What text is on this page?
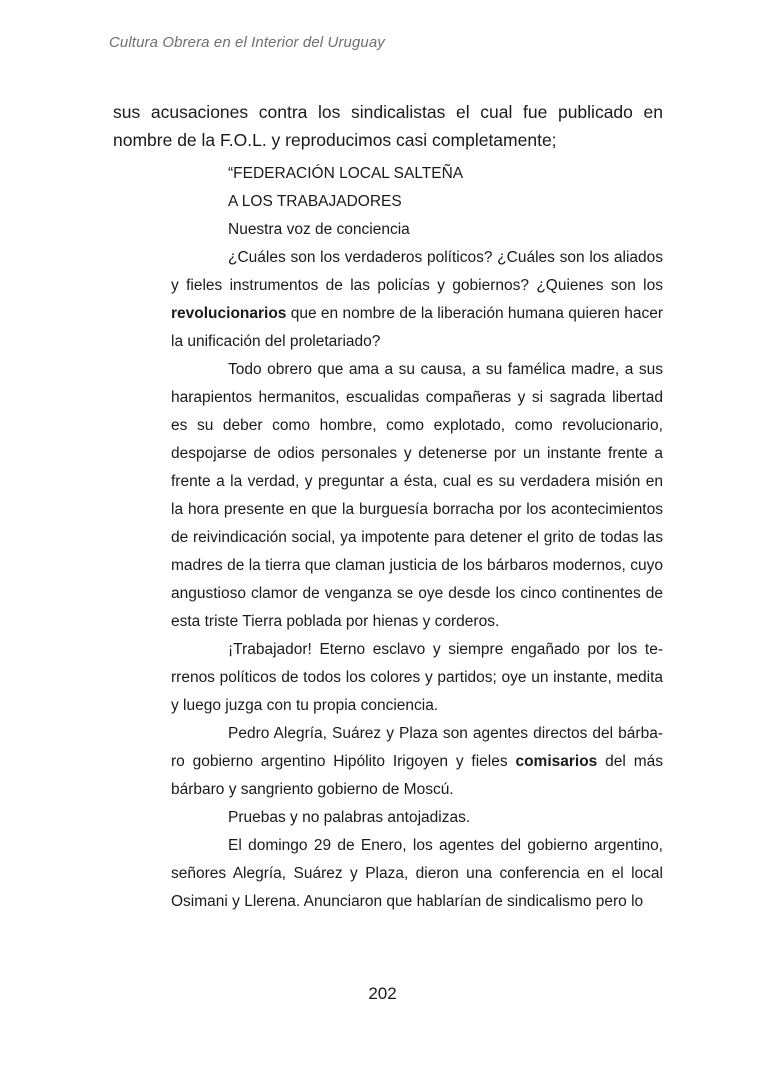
Cultura Obrera en el Interior del Uruguay

sus acusaciones contra los sindicalistas el cual fue publicado en nombre de la F.O.L. y reproducimos casi completamente;

“FEDERACIÓN LOCAL SALTEÑA

A LOS TRABAJADORES

Nuestra voz de conciencia

¿Cuáles son los verdaderos políticos? ¿Cuáles son los aliados y fieles instrumentos de las policías y gobiernos? ¿Quienes son los revolucionarios que en nombre de la liberación humana quieren hacer la unificación del proletariado?

Todo obrero que ama a su causa, a su famélica madre, a sus harapientos hermanitos, escualidas compañeras y si sagrada libertad es su deber como hombre, como explotado, como revolucionario, despojarse de odios personales y detenerse por un instante frente a frente a la verdad, y preguntar a ésta, cual es su verdadera misión en la hora presente en que la burguesía borracha por los acontecimientos de reivindicación social, ya impotente para detener el grito de todas las madres de la tierra que claman justicia de los bárbaros modernos, cuyo angustioso clamor de venganza se oye desde los cinco continentes de esta triste Tierra poblada por hienas y corderos.

¡Trabajador! Eterno esclavo y siempre engañado por los terrenos políticos de todos los colores y partidos; oye un instante, medita y luego juzga con tu propia conciencia.

Pedro Alegría, Suárez y Plaza son agentes directos del bárbaro gobierno argentino Hipólito Irigoyen y fieles comisarios del más bárbaro y sangriento gobierno de Moscú.

Pruebas y no palabras antojadizas.

El domingo 29 de Enero, los agentes del gobierno argentino, señores Alegría, Suárez y Plaza, dieron una conferencia en el local Osimani y Llerena. Anunciaron que hablarían de sindicalismo pero lo

202
